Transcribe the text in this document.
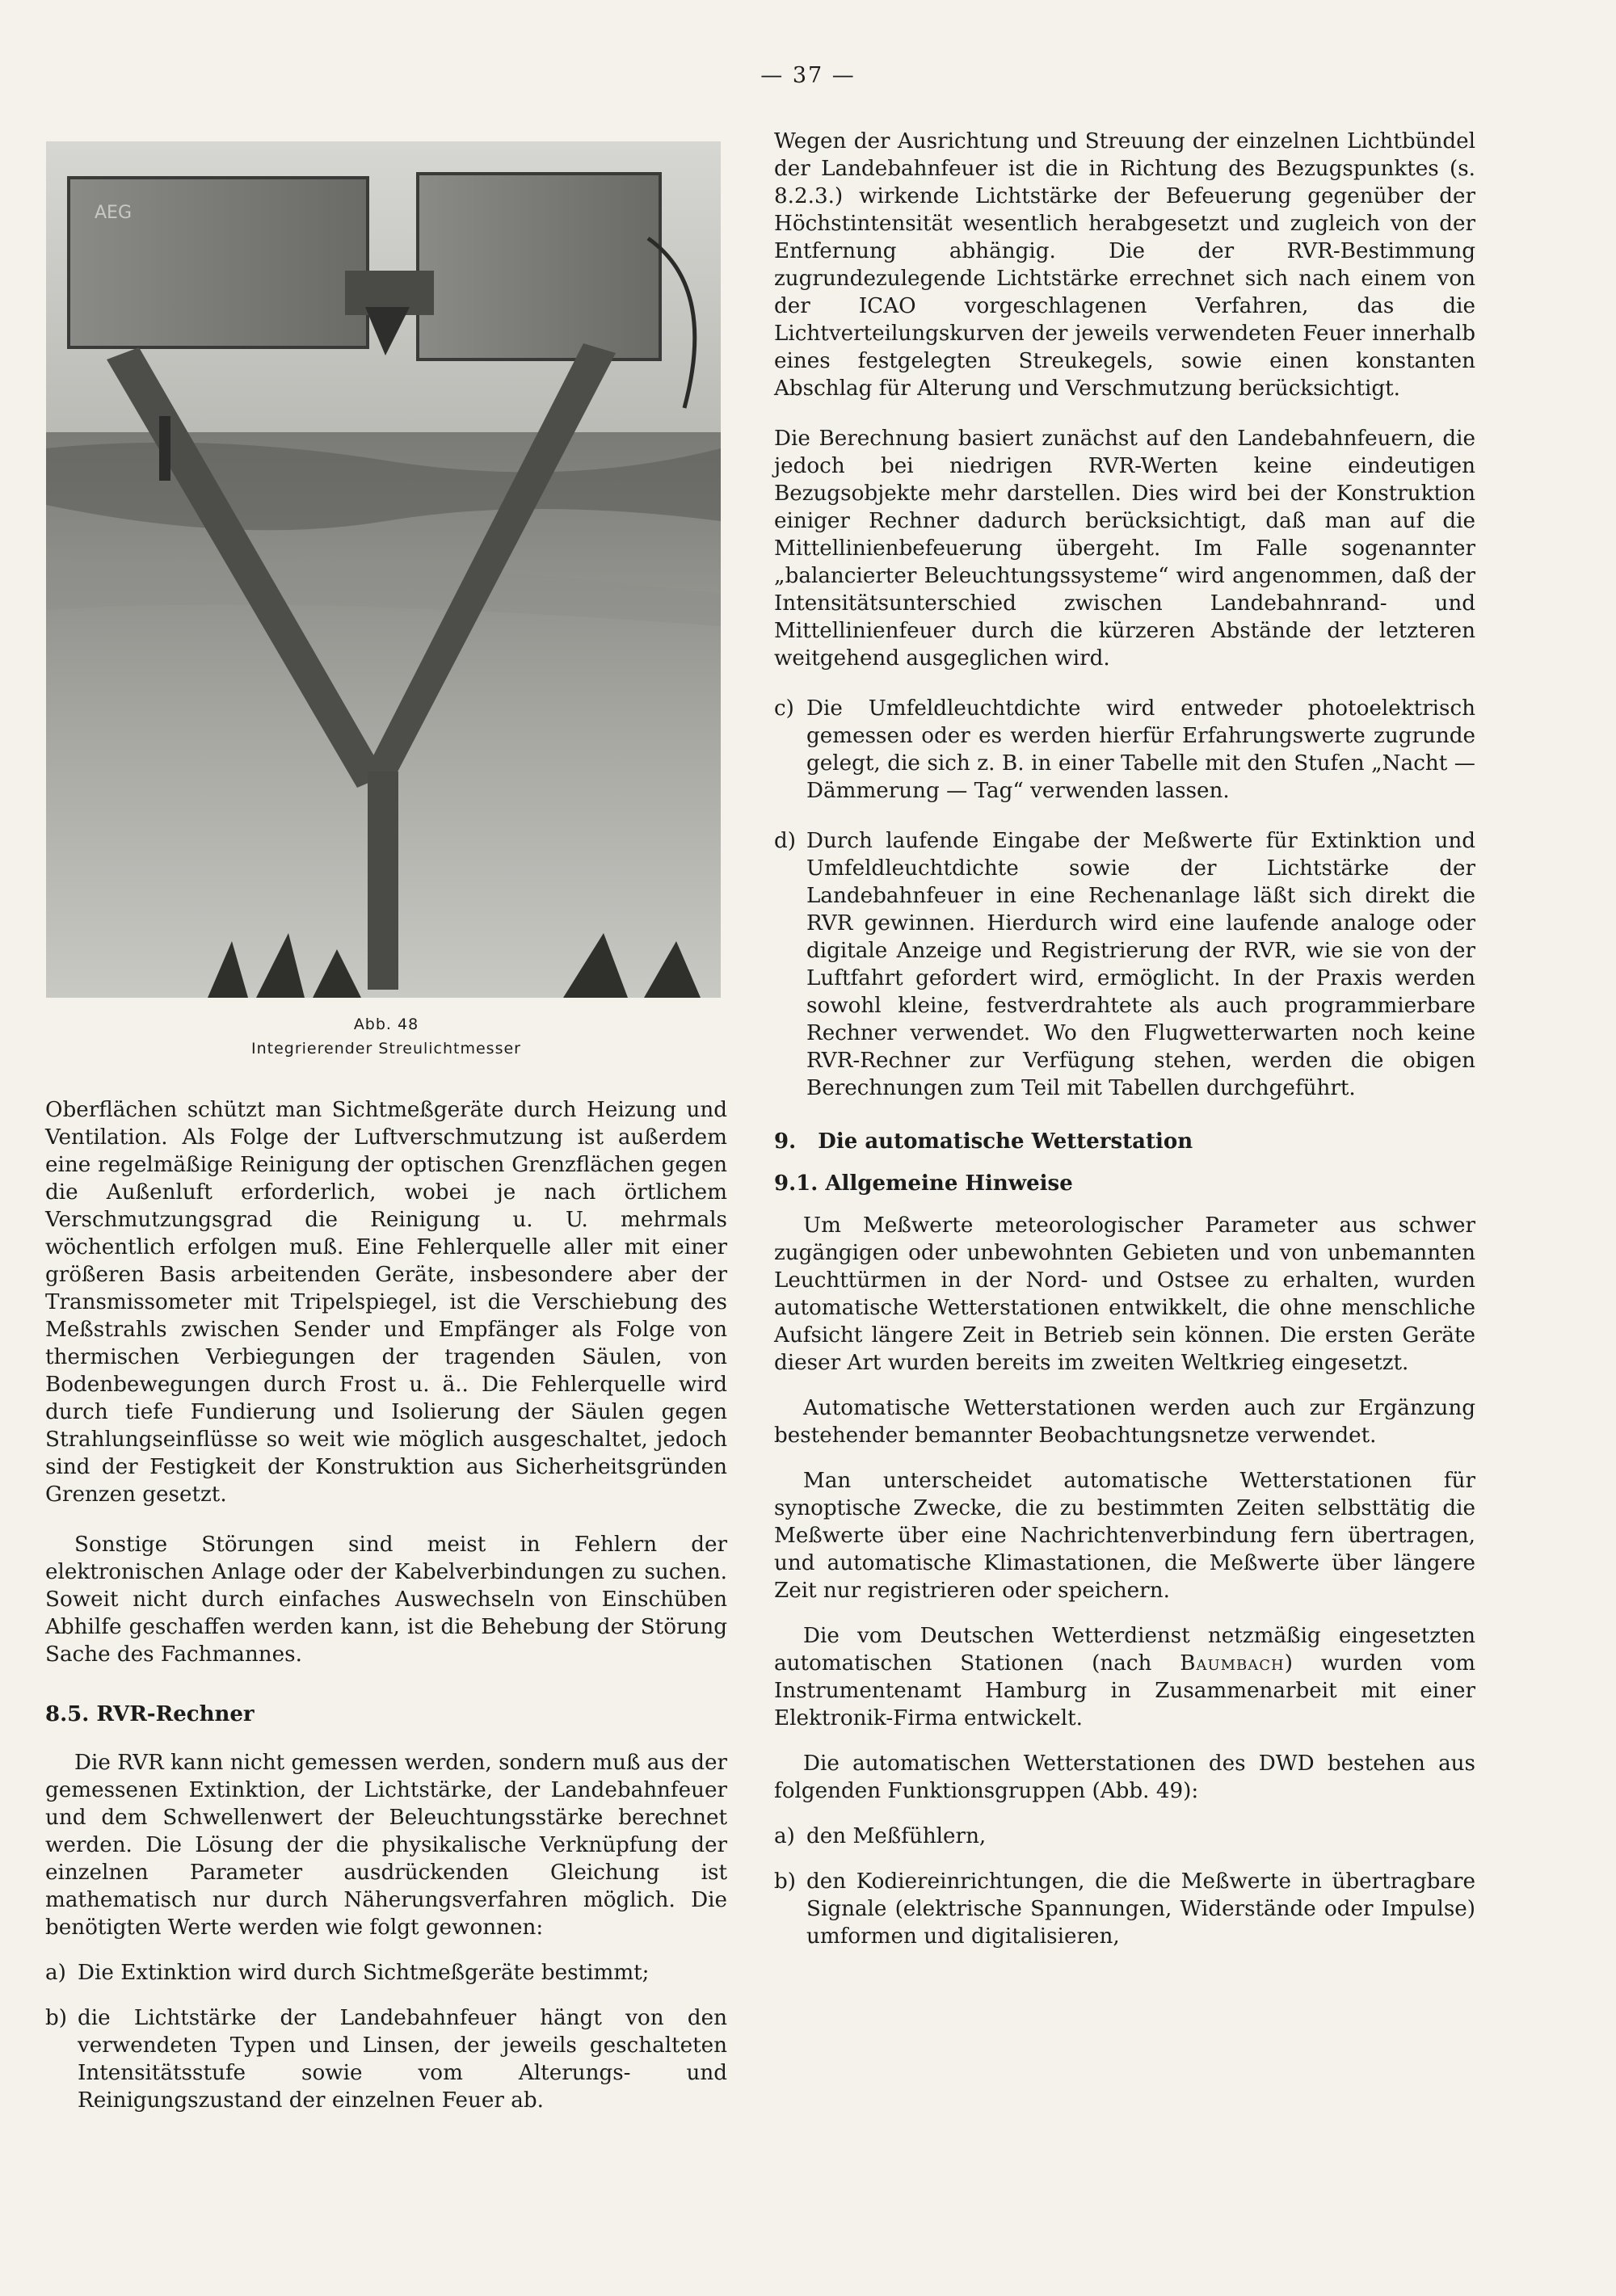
— 37 —
AEG
Abb. 48
Integrierender Streulichtmesser

Oberflächen schützt man Sichtmeßgeräte durch Heizung und Ventilation. Als Folge der Luftverschmutzung ist außerdem eine regelmäßige Reinigung der optischen Grenzflächen gegen die Außenluft erforderlich, wobei je nach örtlichem Verschmutzungsgrad die Reinigung u. U. mehrmals wöchentlich erfolgen muß. Eine Fehlerquelle aller mit einer größeren Basis arbeitenden Geräte, insbesondere aber der Transmissometer mit Tripelspiegel, ist die Verschiebung des Meßstrahls zwischen Sender und Empfänger als Folge von thermischen Verbiegungen der tragenden Säulen, von Bodenbewegungen durch Frost u. ä.. Die Fehlerquelle wird durch tiefe Fundierung und Isolierung der Säulen gegen Strahlungseinflüsse so weit wie möglich ausgeschaltet, jedoch sind der Festigkeit der Konstruktion aus Sicherheitsgründen Grenzen gesetzt.

Sonstige Störungen sind meist in Fehlern der elektronischen Anlage oder der Kabelverbindungen zu suchen. Soweit nicht durch einfaches Auswechseln von Einschüben Abhilfe geschaffen werden kann, ist die Behebung der Störung Sache des Fachmannes.

8.5. RVR-Rechner

Die RVR kann nicht gemessen werden, sondern muß aus der gemessenen Extinktion, der Lichtstärke, der Landebahnfeuer und dem Schwellenwert der Beleuchtungsstärke berechnet werden. Die Lösung der die physikalische Verknüpfung der einzelnen Parameter ausdrückenden Gleichung ist mathematisch nur durch Näherungsverfahren möglich. Die benötigten Werte werden wie folgt gewonnen:

a) Die Extinktion wird durch Sichtmeßgeräte bestimmt;
b) die Lichtstärke der Landebahnfeuer hängt von den verwendeten Typen und Linsen, der jeweils geschalteten Intensitätsstufe sowie vom Alterungs- und Reinigungszustand der einzelnen Feuer ab.

Wegen der Ausrichtung und Streuung der einzelnen Lichtbündel der Landebahnfeuer ist die in Richtung des Bezugspunktes (s. 8.2.3.) wirkende Lichtstärke der Befeuerung gegenüber der Höchstintensität wesentlich herabgesetzt und zugleich von der Entfernung abhängig. Die der RVR-Bestimmung zugrundezulegende Lichtstärke errechnet sich nach einem von der ICAO vorgeschlagenen Verfahren, das die Lichtverteilungskurven der jeweils verwendeten Feuer innerhalb eines festgelegten Streukegels, sowie einen konstanten Abschlag für Alterung und Verschmutzung berücksichtigt.

Die Berechnung basiert zunächst auf den Landebahnfeuern, die jedoch bei niedrigen RVR-Werten keine eindeutigen Bezugsobjekte mehr darstellen. Dies wird bei der Konstruktion einiger Rechner dadurch berücksichtigt, daß man auf die Mittellinienbefeuerung übergeht. Im Falle sogenannter „balancierter Beleuchtungssysteme“ wird angenommen, daß der Intensitätsunterschied zwischen Landebahnrand- und Mittellinienfeuer durch die kürzeren Abstände der letzteren weitgehend ausgeglichen wird.

c) Die Umfeldleuchtdichte wird entweder photoelektrisch gemessen oder es werden hierfür Erfahrungswerte zugrunde gelegt, die sich z. B. in einer Tabelle mit den Stufen „Nacht — Dämmerung — Tag“ verwenden lassen.
d) Durch laufende Eingabe der Meßwerte für Extinktion und Umfeldleuchtdichte sowie der Lichtstärke der Landebahnfeuer in eine Rechenanlage läßt sich direkt die RVR gewinnen. Hierdurch wird eine laufende analoge oder digitale Anzeige und Registrierung der RVR, wie sie von der Luftfahrt gefordert wird, ermöglicht. In der Praxis werden sowohl kleine, festverdrahtete als auch programmierbare Rechner verwendet. Wo den Flugwetterwarten noch keine RVR-Rechner zur Verfügung stehen, werden die obigen Berechnungen zum Teil mit Tabellen durchgeführt.
9.   Die automatische Wetterstation
9.1. Allgemeine Hinweise

Um Meßwerte meteorologischer Parameter aus schwer zugängigen oder unbewohnten Gebieten und von unbemannten Leuchttürmen in der Nord- und Ostsee zu erhalten, wurden automatische Wetterstationen entwikkelt, die ohne menschliche Aufsicht längere Zeit in Betrieb sein können. Die ersten Geräte dieser Art wurden bereits im zweiten Weltkrieg eingesetzt.

Automatische Wetterstationen werden auch zur Ergänzung bestehender bemannter Beobachtungsnetze verwendet.

Man unterscheidet automatische Wetterstationen für synoptische Zwecke, die zu bestimmten Zeiten selbsttätig die Meßwerte über eine Nachrichtenverbindung fern übertragen, und automatische Klimastationen, die Meßwerte über längere Zeit nur registrieren oder speichern.

Die vom Deutschen Wetterdienst netzmäßig eingesetzten automatischen Stationen (nach Baumbach) wurden vom Instrumentenamt Hamburg in Zusammenarbeit mit einer Elektronik-Firma entwickelt.

Die automatischen Wetterstationen des DWD bestehen aus folgenden Funktionsgruppen (Abb. 49):

a) den Meßfühlern,
b) den Kodiereinrichtungen, die die Meßwerte in übertragbare Signale (elektrische Spannungen, Widerstände oder Impulse) umformen und digitalisieren,
